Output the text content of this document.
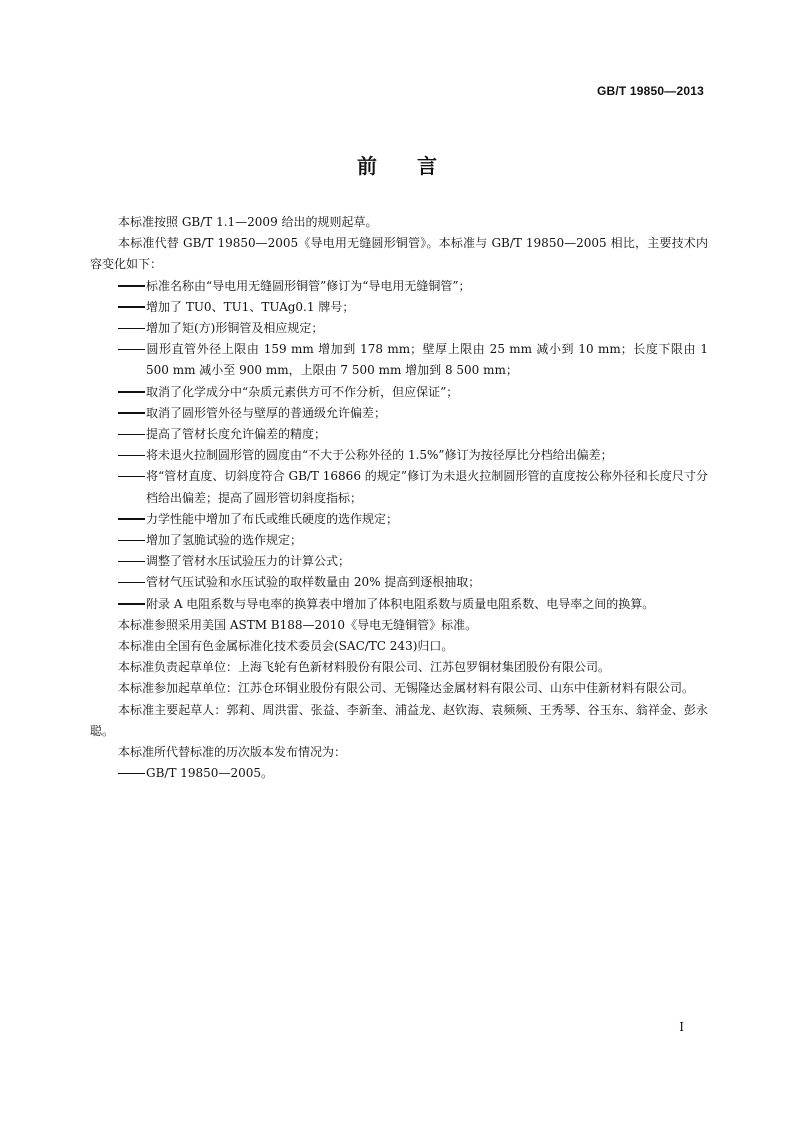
GB/T 19850—2013
前言

本标准按照 GB/T 1.1—2009 给出的规则起草。

本标准代替 GB/T 19850—2005《导电用无缝圆形铜管》。本标准与 GB/T 19850—2005 相比，主要技术内容变化如下：

标准名称由“导电用无缝圆形铜管”修订为“导电用无缝铜管”；

增加了 TU0、TU1、TUAg0.1 牌号；

增加了矩(方)形铜管及相应规定；

圆形直管外径上限由 159 mm 增加到 178 mm；壁厚上限由 25 mm 减小到 10 mm；长度下限由 1 500 mm 减小至 900 mm，上限由 7 500 mm 增加到 8 500 mm；

取消了化学成分中“杂质元素供方可不作分析，但应保证”；

取消了圆形管外径与壁厚的普通级允许偏差；

提高了管材长度允许偏差的精度；

将未退火拉制圆形管的圆度由“不大于公称外径的 1.5%”修订为按径厚比分档给出偏差；

将“管材直度、切斜度符合 GB/T 16866 的规定”修订为未退火拉制圆形管的直度按公称外径和长度尺寸分档给出偏差；提高了圆形管切斜度指标；

力学性能中增加了布氏或维氏硬度的选作规定；

增加了氢脆试验的选作规定；

调整了管材水压试验压力的计算公式；

管材气压试验和水压试验的取样数量由 20% 提高到逐根抽取；

附录 A 电阻系数与导电率的换算表中增加了体积电阻系数与质量电阻系数、电导率之间的换算。

本标准参照采用美国 ASTM B188—2010《导电无缝铜管》标准。

本标准由全国有色金属标准化技术委员会(SAC/TC 243)归口。

本标准负责起草单位：上海飞轮有色新材料股份有限公司、江苏包罗铜材集团股份有限公司。

本标准参加起草单位：江苏仓环铜业股份有限公司、无锡隆达金属材料有限公司、山东中佳新材料有限公司。

本标准主要起草人：郭莉、周洪雷、张益、李新奎、浦益龙、赵钦海、袁频频、王秀琴、谷玉东、翁祥金、彭永聪。

本标准所代替标准的历次版本发布情况为：

GB/T 19850—2005。

I
